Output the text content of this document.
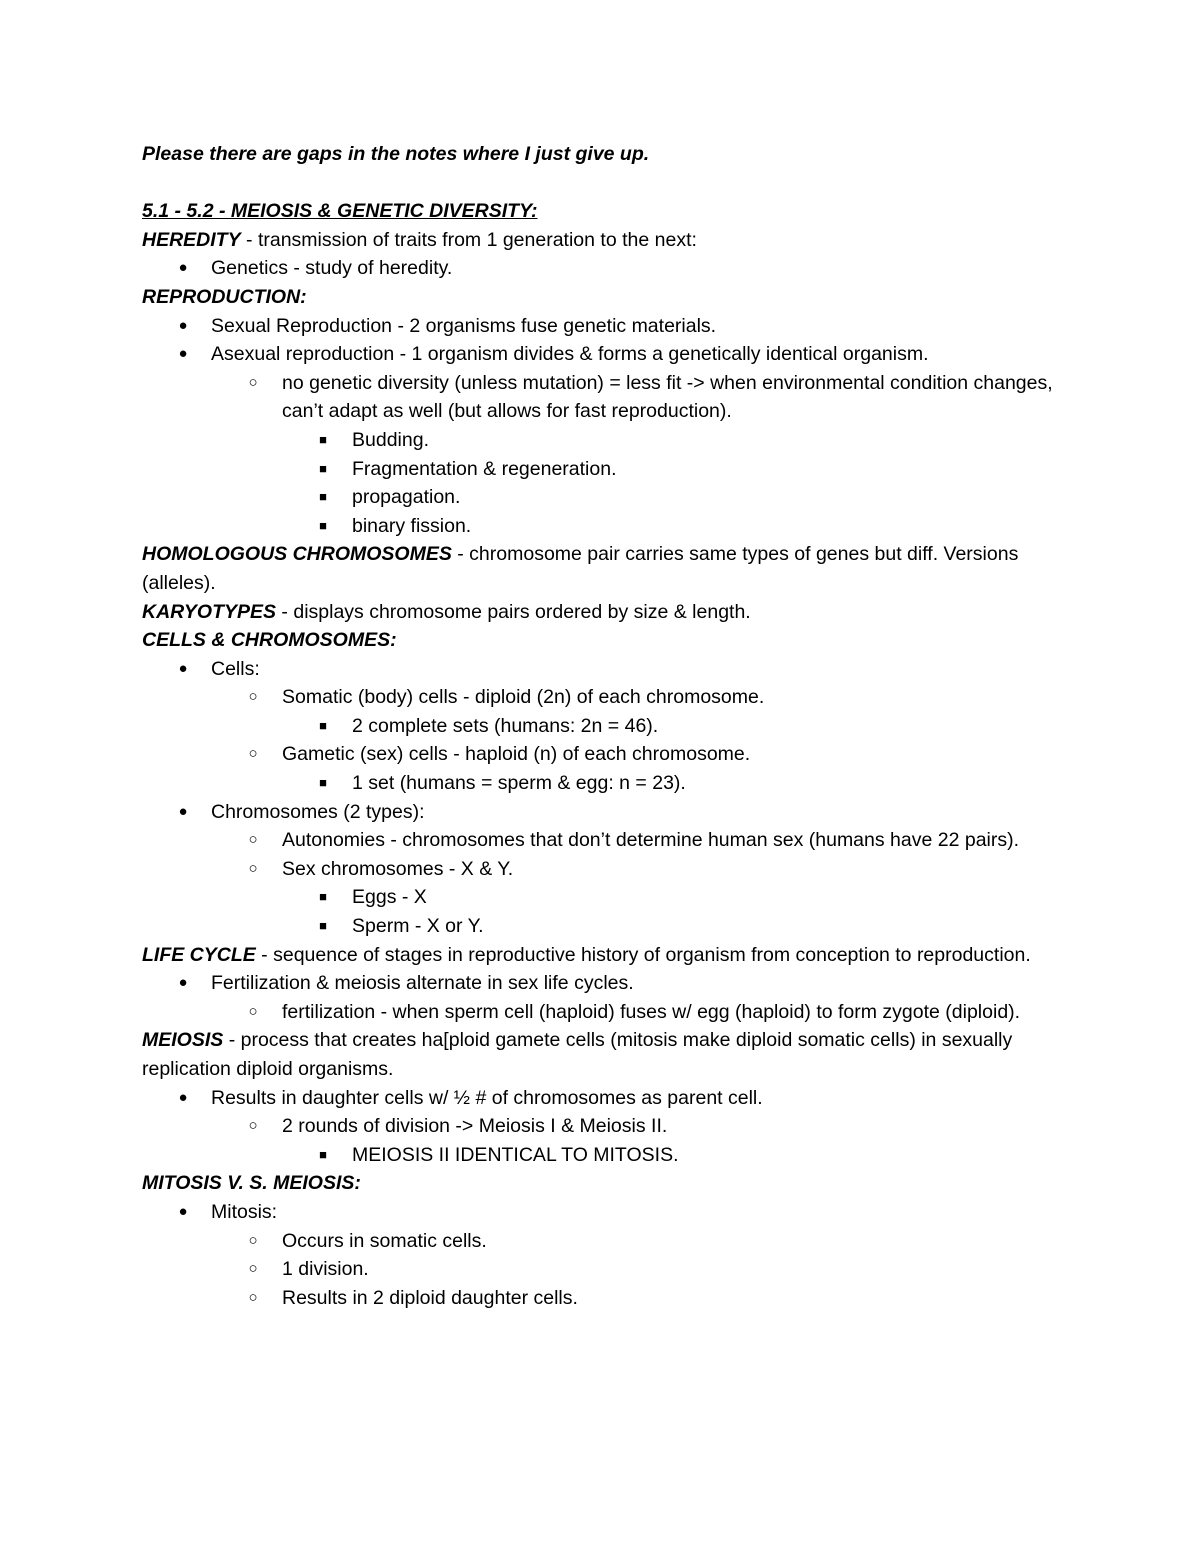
Please there are gaps in the notes where I just give up.

5.1 - 5.2 - MEIOSIS & GENETIC DIVERSITY:

HEREDITY - transmission of traits from 1 generation to the next:

● Genetics - study of heredity.

REPRODUCTION:

● Sexual Reproduction - 2 organisms fuse genetic materials.
● Asexual reproduction - 1 organism divides & forms a genetically identical organism.
○ no genetic diversity (unless mutation) = less fit -> when environmental condition changes, can’t adapt as well (but allows for fast reproduction).
■ Budding.
■ Fragmentation & regeneration.
■ propagation.
■ binary fission.

HOMOLOGOUS CHROMOSOMES - chromosome pair carries same types of genes but diff. Versions (alleles).

KARYOTYPES - displays chromosome pairs ordered by size & length.

CELLS & CHROMOSOMES:

● Cells:
○ Somatic (body) cells - diploid (2n) of each chromosome.
■ 2 complete sets (humans: 2n = 46).
○ Gametic (sex) cells - haploid (n) of each chromosome.
■ 1 set (humans = sperm & egg: n = 23).
● Chromosomes (2 types):
○ Autonomies - chromosomes that don’t determine human sex (humans have 22 pairs).
○ Sex chromosomes - X & Y.
■ Eggs - X
■ Sperm - X or Y.

LIFE CYCLE - sequence of stages in reproductive history of organism from conception to reproduction.

● Fertilization & meiosis alternate in sex life cycles.
○ fertilization - when sperm cell (haploid) fuses w/ egg (haploid) to form zygote (diploid).

MEIOSIS - process that creates ha[ploid gamete cells (mitosis make diploid somatic cells) in sexually replication diploid organisms.

● Results in daughter cells w/ ½ # of chromosomes as parent cell.
○ 2 rounds of division -> Meiosis I & Meiosis II.
■ MEIOSIS II IDENTICAL TO MITOSIS.

MITOSIS V. S. MEIOSIS:

● Mitosis:
○ Occurs in somatic cells.
○ 1 division.
○ Results in 2 diploid daughter cells.
